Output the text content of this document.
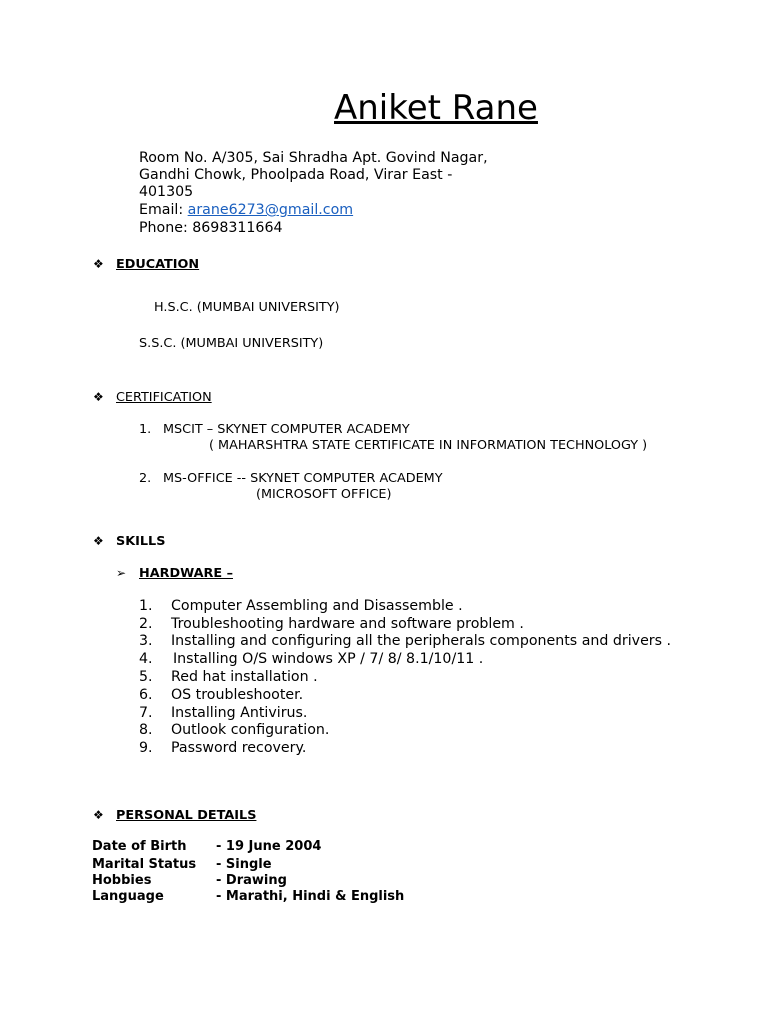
Aniket Rane
Room No. A/305, Sai Shradha Apt. Govind Nagar,
Gandhi Chowk, Phoolpada Road, Virar East -
401305
Email: arane6273@gmail.com
Phone: 8698311664
❖ EDUCATION
H.S.C. (MUMBAI UNIVERSITY)
S.S.C. (MUMBAI UNIVERSITY)
❖ CERTIFICATION
1. MSCIT – SKYNET COMPUTER ACADEMY
( MAHARSHTRA STATE CERTIFICATE IN INFORMATION TECHNOLOGY )
2. MS-OFFICE -- SKYNET COMPUTER ACADEMY
(MICROSOFT OFFICE)
❖ SKILLS
➢ HARDWARE –
1. Computer Assembling and Disassemble .
2. Troubleshooting hardware and software problem .
3. Installing and configuring all the peripherals components and drivers .
4. Installing O/S windows XP / 7/ 8/ 8.1/10/11 .
5. Red hat installation .
6. OS troubleshooter.
7. Installing Antivirus.
8. Outlook configuration.
9. Password recovery.
❖ PERSONAL DETAILS
Date of Birth - 19 June 2004
Marital Status - Single
Hobbies	- Drawing
Language	- Marathi, Hindi & English
